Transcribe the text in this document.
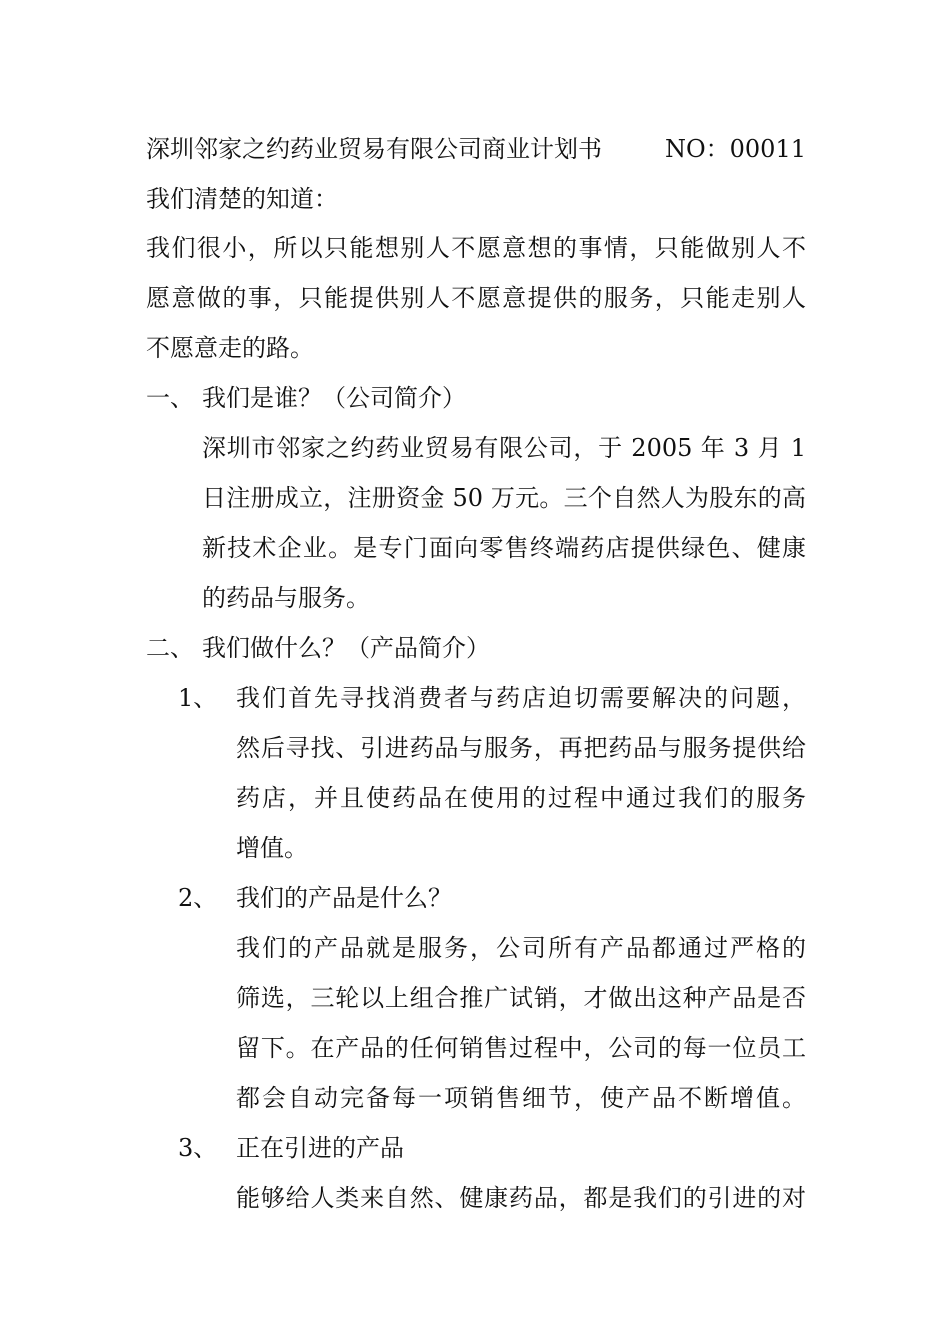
深圳邻家之约药业贸易有限公司商业计划书	NO：00011
我们清楚的知道：
我们很小，所以只能想别人不愿意想的事情，只能做别人不
愿意做的事，只能提供别人不愿意提供的服务，只能走别人
不愿意走的路。
一、 我们是谁？（公司简介）
深圳市邻家之约药业贸易有限公司，于 2005 年 3 月 1
日注册成立，注册资金 50 万元。三个自然人为股东的高
新技术企业。是专门面向零售终端药店提供绿色、健康
的药品与服务。
二、 我们做什么？（产品简介）
1、 我们首先寻找消费者与药店迫切需要解决的问题，
然后寻找、引进药品与服务，再把药品与服务提供给
药店，并且使药品在使用的过程中通过我们的服务
增值。
2、 我们的产品是什么？
我们的产品就是服务，公司所有产品都通过严格的
筛选，三轮以上组合推广试销，才做出这种产品是否
留下。在产品的任何销售过程中，公司的每一位员工
都会自动完备每一项销售细节，使产品不断增值。
3、 正在引进的产品
能够给人类来自然、健康药品，都是我们的引进的对
